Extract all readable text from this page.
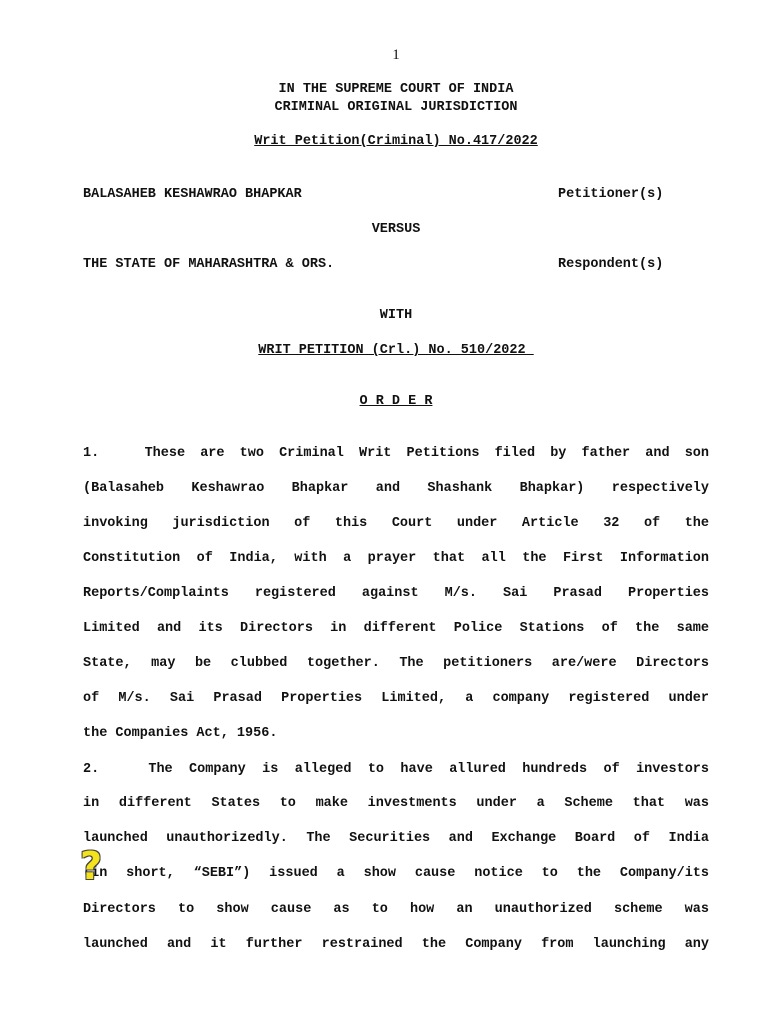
1
IN THE SUPREME COURT OF INDIA
CRIMINAL ORIGINAL JURISDICTION
Writ Petition(Criminal) No.417/2022
BALASAHEB KESHAWRAO BHAPKAR	Petitioner(s)
VERSUS
THE STATE OF MAHARASHTRA & ORS.	Respondent(s)
WITH
WRIT PETITION (Crl.) No. 510/2022
O R D E R
1.   These are two Criminal Writ Petitions filed by father and son
(Balasaheb Keshawrao Bhapkar and Shashank Bhapkar) respectively
invoking jurisdiction of this Court under Article 32 of the
Constitution of India, with a prayer that all the First Information
Reports/Complaints registered against M/s. Sai Prasad Properties
Limited and its Directors in different Police Stations of the same
State, may be clubbed together. The petitioners are/were Directors
of M/s. Sai Prasad Properties Limited, a company registered under
the Companies Act, 1956.
2.   The Company is alleged to have allured hundreds of investors
in different States to make investments under a Scheme that was
launched unauthorizedly. The Securities and Exchange Board of India
(in short, “SEBI”) issued a show cause notice to the Company/its
Directors to show cause as to how an unauthorized scheme was
launched and it further restrained the Company from launching any
?
